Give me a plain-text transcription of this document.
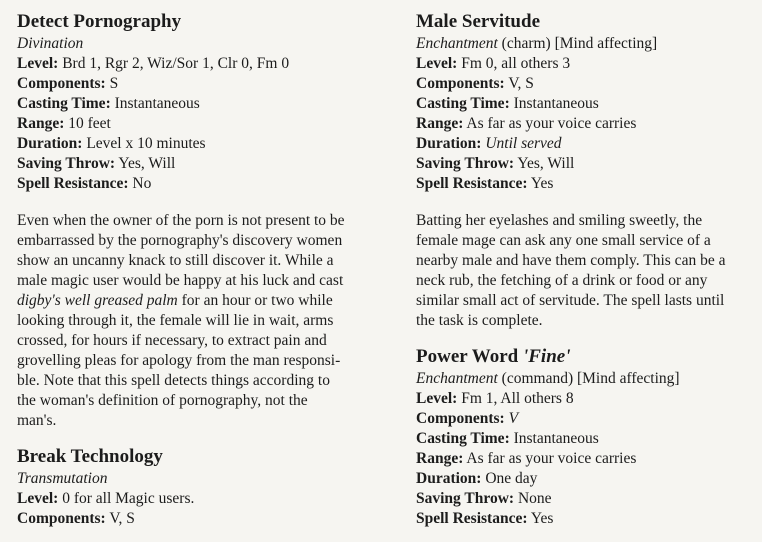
Detect Pornography

Divination

Level: Brd 1, Rgr 2, Wiz/Sor 1, Clr 0, Fm 0

Components: S

Casting Time: Instantaneous

Range: 10 feet

Duration: Level x 10 minutes

Saving Throw: Yes, Will

Spell Resistance: No

Even when the owner of the porn is not present to be
embarrassed by the pornography's discovery women
show an uncanny knack to still discover it. While a
male magic user would be happy at his luck and cast
digby's well greased palm for an hour or two while
looking through it, the female will lie in wait, arms
crossed, for hours if necessary, to extract pain and
grovelling pleas for apology from the man responsi-
ble. Note that this spell detects things according to
the woman's definition of pornography, not the
man's.
Break Technology

Transmutation

Level: 0 for all Magic users.

Components: V, S

Male Servitude

Enchantment (charm) [Mind affecting]

Level: Fm 0, all others 3

Components: V, S

Casting Time: Instantaneous

Range: As far as your voice carries

Duration: Until served

Saving Throw: Yes, Will

Spell Resistance: Yes

Batting her eyelashes and smiling sweetly, the
female mage can ask any one small service of a
nearby male and have them comply. This can be a
neck rub, the fetching of a drink or food or any
similar small act of servitude. The spell lasts until
the task is complete.
Power Word 'Fine'

Enchantment (command) [Mind affecting]

Level: Fm 1, All others 8

Components: V

Casting Time: Instantaneous

Range: As far as your voice carries

Duration: One day

Saving Throw: None

Spell Resistance: Yes
